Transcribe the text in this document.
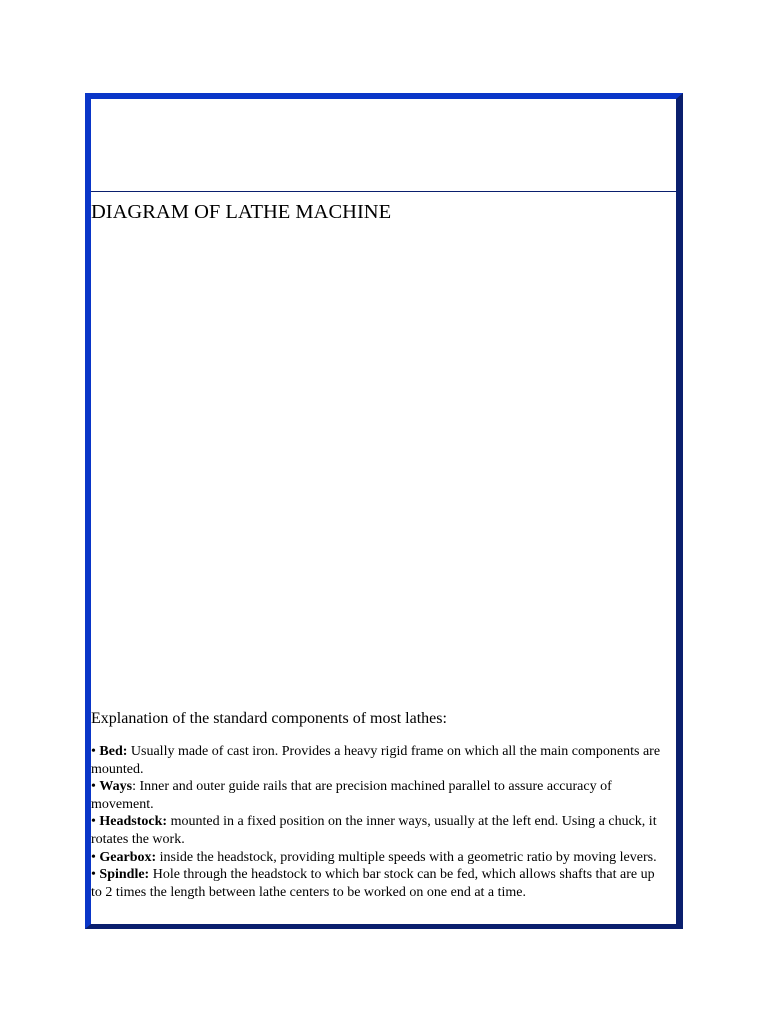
DIAGRAM OF LATHE MACHINE
Explanation of the standard components of most lathes:
• Bed: Usually made of cast iron. Provides a heavy rigid frame on which all the main components are mounted.
• Ways: Inner and outer guide rails that are precision machined parallel to assure accuracy of movement.
• Headstock: mounted in a fixed position on the inner ways, usually at the left end. Using a chuck, it rotates the work.
• Gearbox: inside the headstock, providing multiple speeds with a geometric ratio by moving levers.
• Spindle: Hole through the headstock to which bar stock can be fed, which allows shafts that are up to 2 times the length between lathe centers to be worked on one end at a time.
